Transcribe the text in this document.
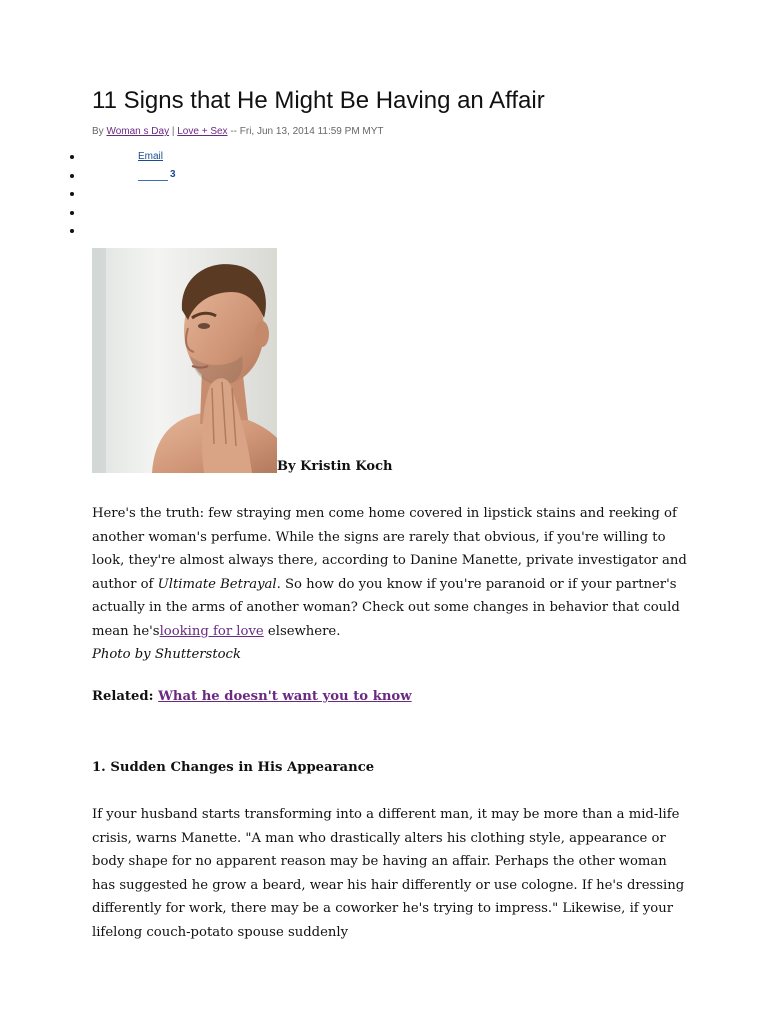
11 Signs that He Might Be Having an Affair
By Woman s Day | Love + Sex -- Fri, Jun 13, 2014 11:59 PM MYT
Email
3
By Kristin Koch

Here's the truth: few straying men come home covered in lipstick stains and reeking of another woman's perfume. While the signs are rarely that obvious, if you're willing to look, they're almost always there, according to Danine Manette, private investigator and author of Ultimate Betrayal. So how do you know if you're paranoid or if your partner's actually in the arms of another woman? Check out some changes in behavior that could mean he'slooking for love elsewhere.
Photo by Shutterstock

Related: What he doesn't want you to know
1. Sudden Changes in His Appearance

If your husband starts transforming into a different man, it may be more than a mid-life crisis, warns Manette. "A man who drastically alters his clothing style, appearance or body shape for no apparent reason may be having an affair. Perhaps the other woman has suggested he grow a beard, wear his hair differently or use cologne. If he's dressing differently for work, there may be a coworker he's trying to impress." Likewise, if your lifelong couch-potato spouse suddenly
